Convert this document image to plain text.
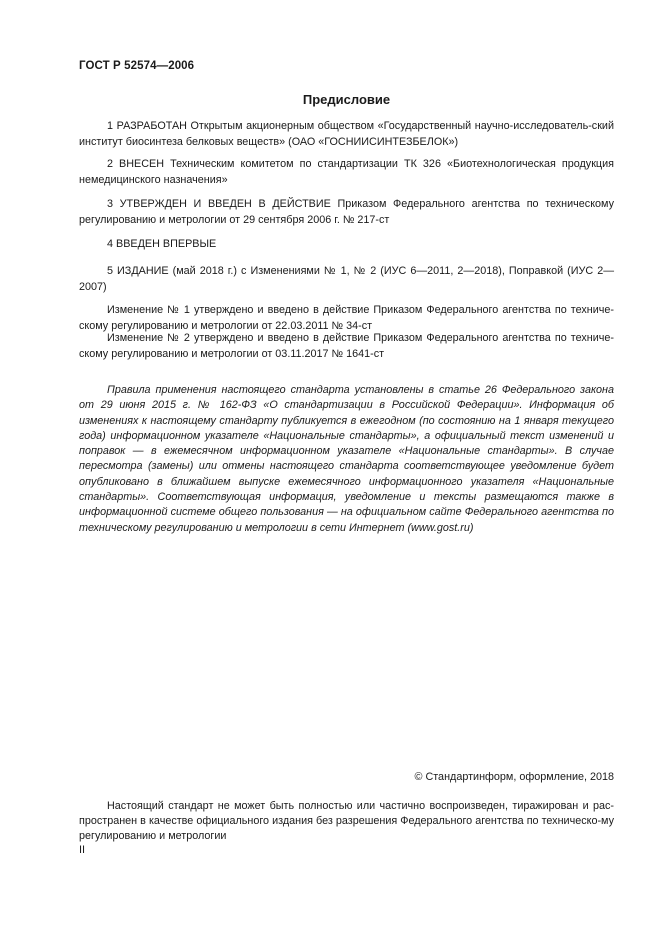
ГОСТ Р 52574—2006
Предисловие
1 РАЗРАБОТАН Открытым акционерным обществом «Государственный научно-исследователь-ский институт биосинтеза белковых веществ» (ОАО «ГОСНИИСИНТЕЗБЕЛОК»)
2 ВНЕСЕН Техническим комитетом по стандартизации ТК 326 «Биотехнологическая продукция немедицинского назначения»
3 УТВЕРЖДЕН И ВВЕДЕН В ДЕЙСТВИЕ Приказом Федерального агентства по техническому регулированию и метрологии от 29 сентября 2006 г. № 217-ст
4 ВВЕДЕН ВПЕРВЫЕ
5 ИЗДАНИЕ (май 2018 г.) с Изменениями № 1, № 2 (ИУС 6—2011, 2—2018), Поправкой (ИУС 2—2007)
Изменение № 1 утверждено и введено в действие Приказом Федерального агентства по техниче-скому регулированию и метрологии от 22.03.2011 № 34-ст
Изменение № 2 утверждено и введено в действие Приказом Федерального агентства по техниче-скому регулированию и метрологии от 03.11.2017 № 1641-ст
Правила применения настоящего стандарта установлены в статье 26 Федерального закона от 29 июня 2015 г. № 162-ФЗ «О стандартизации в Российской Федерации». Информация об изменениях к настоящему стандарту публикуется в ежегодном (по состоянию на 1 января текущего года) информационном указателе «Национальные стандарты», а официальный текст изменений и поправок — в ежемесячном информационном указателе «Национальные стандарты». В случае пересмотра (замены) или отмены настоящего стандарта соответствующее уведомление будет опубликовано в ближайшем выпуске ежемесячного информационного указателя «Национальные стандарты». Соответствующая информация, уведомление и тексты размещаются также в информационной системе общего пользования — на официальном сайте Федерального агентства по техническому регулированию и метрологии в сети Интернет (www.gost.ru)
© Стандартинформ, оформление, 2018
Настоящий стандарт не может быть полностью или частично воспроизведен, тиражирован и рас-пространен в качестве официального издания без разрешения Федерального агентства по техническо-му регулированию и метрологии
II
